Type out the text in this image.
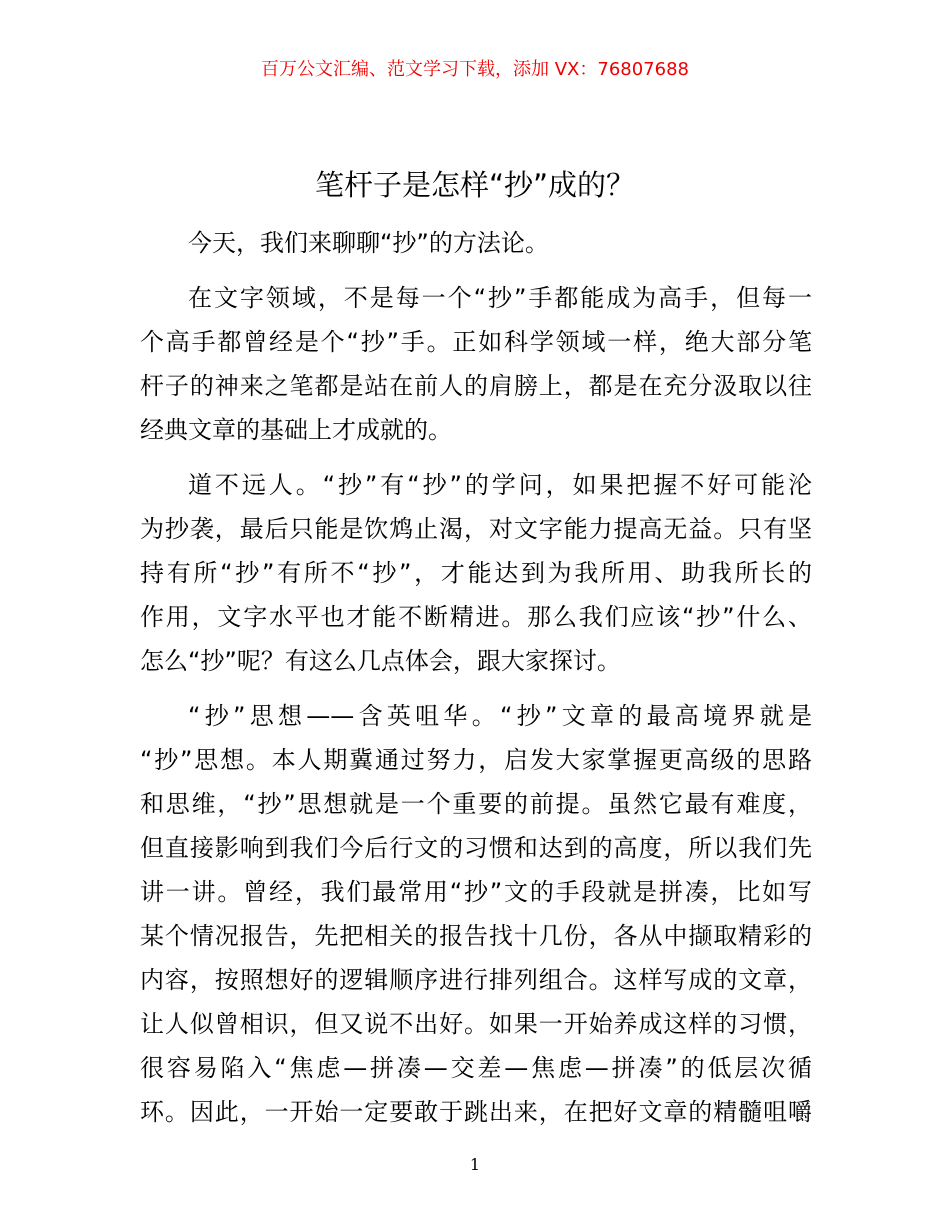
百万公文汇编、范文学习下载，添加 VX：76807688
笔杆子是怎样“抄”成的？
今天，我们来聊聊“抄”的方法论。
在文字领域，不是每一个“抄”手都能成为高手，但每一
个高手都曾经是个“抄”手。正如科学领域一样，绝大部分笔
杆子的神来之笔都是站在前人的肩膀上，都是在充分汲取以往
经典文章的基础上才成就的。
道不远人。“抄”有“抄”的学问，如果把握不好可能沦
为抄袭，最后只能是饮鸩止渴，对文字能力提高无益。只有坚
持有所“抄”有所不“抄”，才能达到为我所用、助我所长的
作用，文字水平也才能不断精进。那么我们应该“抄”什么、
怎么“抄”呢？有这么几点体会，跟大家探讨。
“抄”思想——含英咀华。“抄”文章的最高境界就是
“抄”思想。本人期冀通过努力，启发大家掌握更高级的思路
和思维，“抄”思想就是一个重要的前提。虽然它最有难度，
但直接影响到我们今后行文的习惯和达到的高度，所以我们先
讲一讲。曾经，我们最常用“抄”文的手段就是拼凑，比如写
某个情况报告，先把相关的报告找十几份，各从中撷取精彩的
内容，按照想好的逻辑顺序进行排列组合。这样写成的文章，
让人似曾相识，但又说不出好。如果一开始养成这样的习惯，
很容易陷入“焦虑—拼凑—交差—焦虑—拼凑”的低层次循
环。因此，一开始一定要敢于跳出来，在把好文章的精髓咀嚼
1
